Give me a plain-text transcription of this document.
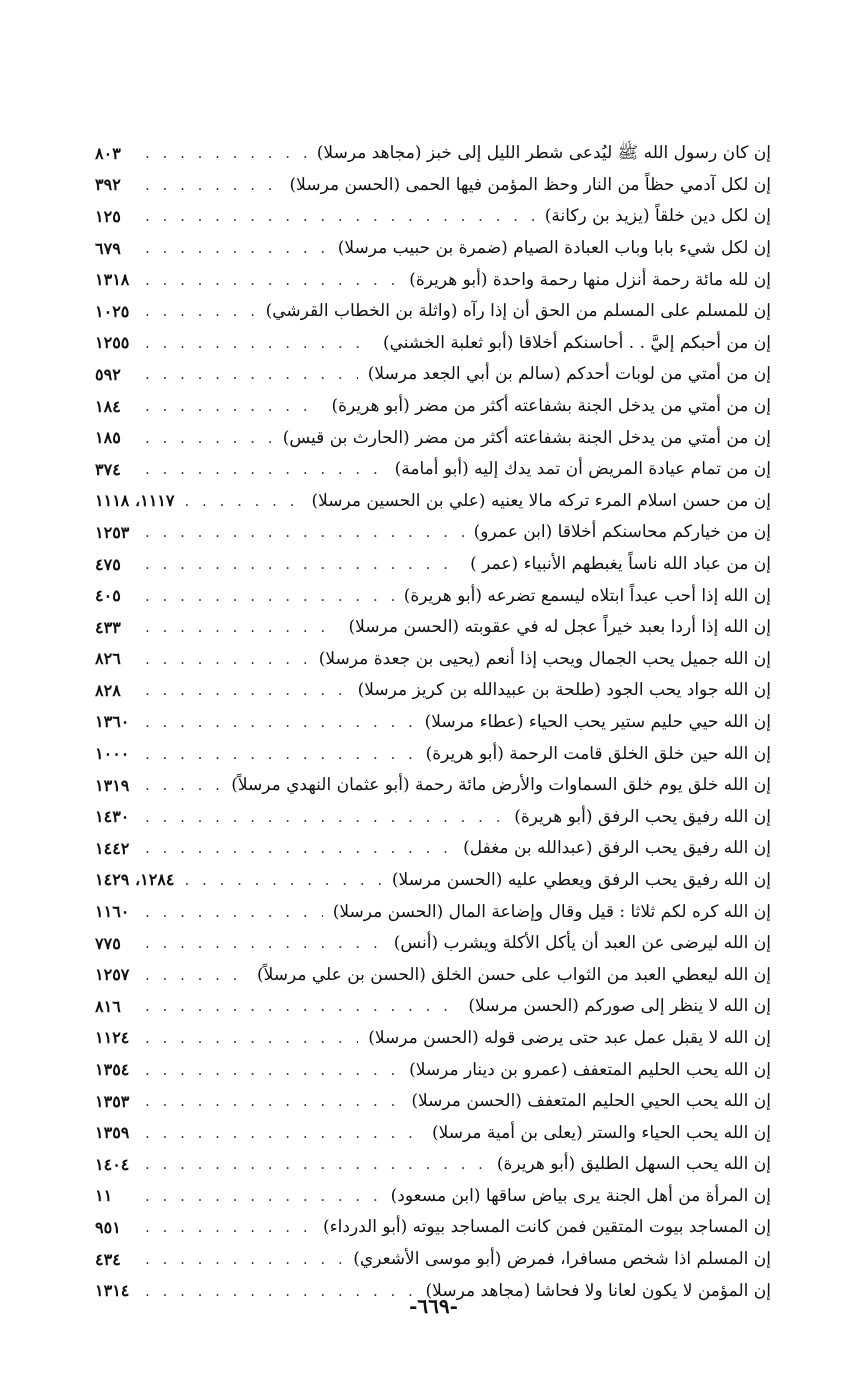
إن كان رسول الله ﷺ ليُدعى شطر الليل إلى خبز (مجاهد مرسلا)
. . .
٨٠٣
إن لكل آدمي حظاً من النار وحظ المؤمن فيها الحمى (الحسن مرسلا)
. . .
٣٩٢
إن لكل دين خلقاً (يزيد بن ركانة)
. . .
١٢٥
إن لكل شيء بابا وباب العبادة الصيام (ضمرة بن حبيب مرسلا)
. . .
٦٧٩
إن لله مائة رحمة أنزل منها رحمة واحدة (أبو هريرة)
. . .
١٣١٨
إن للمسلم على المسلم من الحق أن إذا رآه (واثلة بن الخطاب القرشي)
. . .
١٠٢٥
إن من أحبكم إليَّ . . أحاسنكم أخلاقا (أبو ثعلبة الخشني)
. . .
١٢٥٥
إن من أمتي من لوبات أحدكم (سالم بن أبي الجعد مرسلا)
. . .
٥٩٢
إن من أمتي من يدخل الجنة بشفاعته أكثر من مضر (أبو هريرة)
. . .
١٨٤
إن من أمتي من يدخل الجنة بشفاعته أكثر من مضر (الحارث بن قيس)
. . .
١٨٥
إن من تمام عيادة المريض أن تمد يدك إليه (أبو أمامة)
. . .
٣٧٤
إن من حسن اسلام المرء تركه مالا يعنيه (علي بن الحسين مرسلا)
. . .
١١١٧، ١١١٨
إن من خياركم محاسنكم أخلاقا (ابن عمرو)
. . .
١٢٥٣
إن من عباد الله ناساً يغبطهم الأنبياء (عمر )
. . .
٤٧٥
إن الله إذا أحب عبداً ابتلاه ليسمع تضرعه (أبو هريرة)
. . .
٤٠٥
إن الله إذا أردا بعبد خيراً عجل له في عقوبته (الحسن مرسلا)
. . .
٤٣٣
إن الله جميل يحب الجمال ويحب إذا أنعم (يحيى بن جعدة مرسلا)
. . .
٨٢٦
إن الله جواد يحب الجود (طلحة بن عبيدالله بن كريز مرسلا)
. . .
٨٢٨
إن الله حيي حليم ستير يحب الحياء (عطاء مرسلا)
. . .
١٣٦٠
إن الله حين خلق الخلق قامت الرحمة (أبو هريرة)
. . .
١٠٠٠
إن الله خلق يوم خلق السماوات والأرض مائة رحمة (أبو عثمان النهدي مرسلاً)
. . .
١٣١٩
إن الله رفيق يحب الرفق (أبو هريرة)
. . .
١٤٣٠
إن الله رفيق يحب الرفق (عبدالله بن مغفل)
. . .
١٤٤٢
إن الله رفيق يحب الرفق ويعطي عليه (الحسن مرسلا)
. . .
١٢٨٤، ١٤٢٩
إن الله كره لكم ثلاثا : قيل وقال وإضاعة المال (الحسن مرسلا)
. . .
١١٦٠
إن الله ليرضى عن العبد أن يأكل الأكلة ويشرب (أنس)
. . .
٧٧٥
إن الله ليعطي العبد من الثواب على حسن الخلق (الحسن بن علي مرسلاً)
. . .
١٢٥٧
إن الله لا ينظر إلى صوركم (الحسن مرسلا)
. . .
٨١٦
إن الله لا يقبل عمل عبد حتى يرضى قوله (الحسن مرسلا)
. . .
١١٢٤
إن الله يحب الحليم المتعفف (عمرو بن دينار مرسلا)
. . .
١٣٥٤
إن الله يحب الحيي الحليم المتعفف (الحسن مرسلا)
. . .
١٣٥٣
إن الله يحب الحياء والستر (يعلى بن أمية مرسلا)
. . .
١٣٥٩
إن الله يحب السهل الطليق (أبو هريرة)
. . .
١٤٠٤
إن المرأة من أهل الجنة يرى بياض ساقها (ابن مسعود)
. . .
١١
إن المساجد بيوت المتقين فمن كانت المساجد بيوته (أبو الدرداء)
. . .
٩٥١
إن المسلم اذا شخص مسافرا، فمرض (أبو موسى الأشعري)
. . .
٤٣٤
إن المؤمن لا يكون لعانا ولا فحاشا (مجاهد مرسلا)
. . .
١٣١٤
-٦٦٩-
